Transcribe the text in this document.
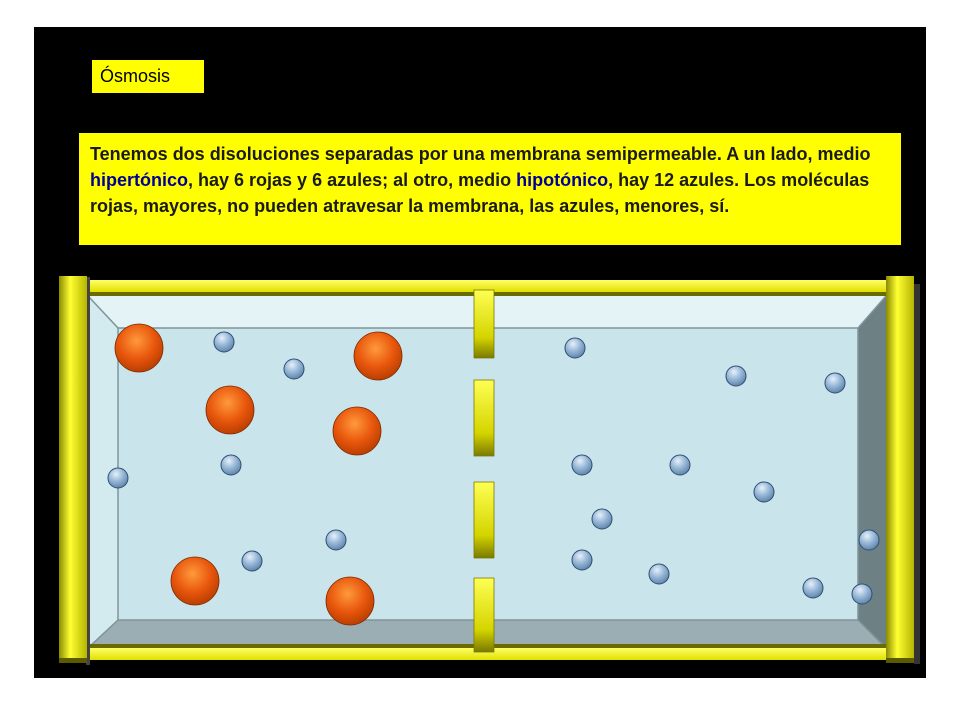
Ósmosis
Tenemos dos disoluciones separadas por una membrana semipermeable. A un lado, medio hipertónico, hay 6 rojas y 6 azules; al otro, medio hipotónico, hay 12 azules. Los moléculas rojas, mayores, no pueden atravesar la membrana, las azules, menores, sí.
